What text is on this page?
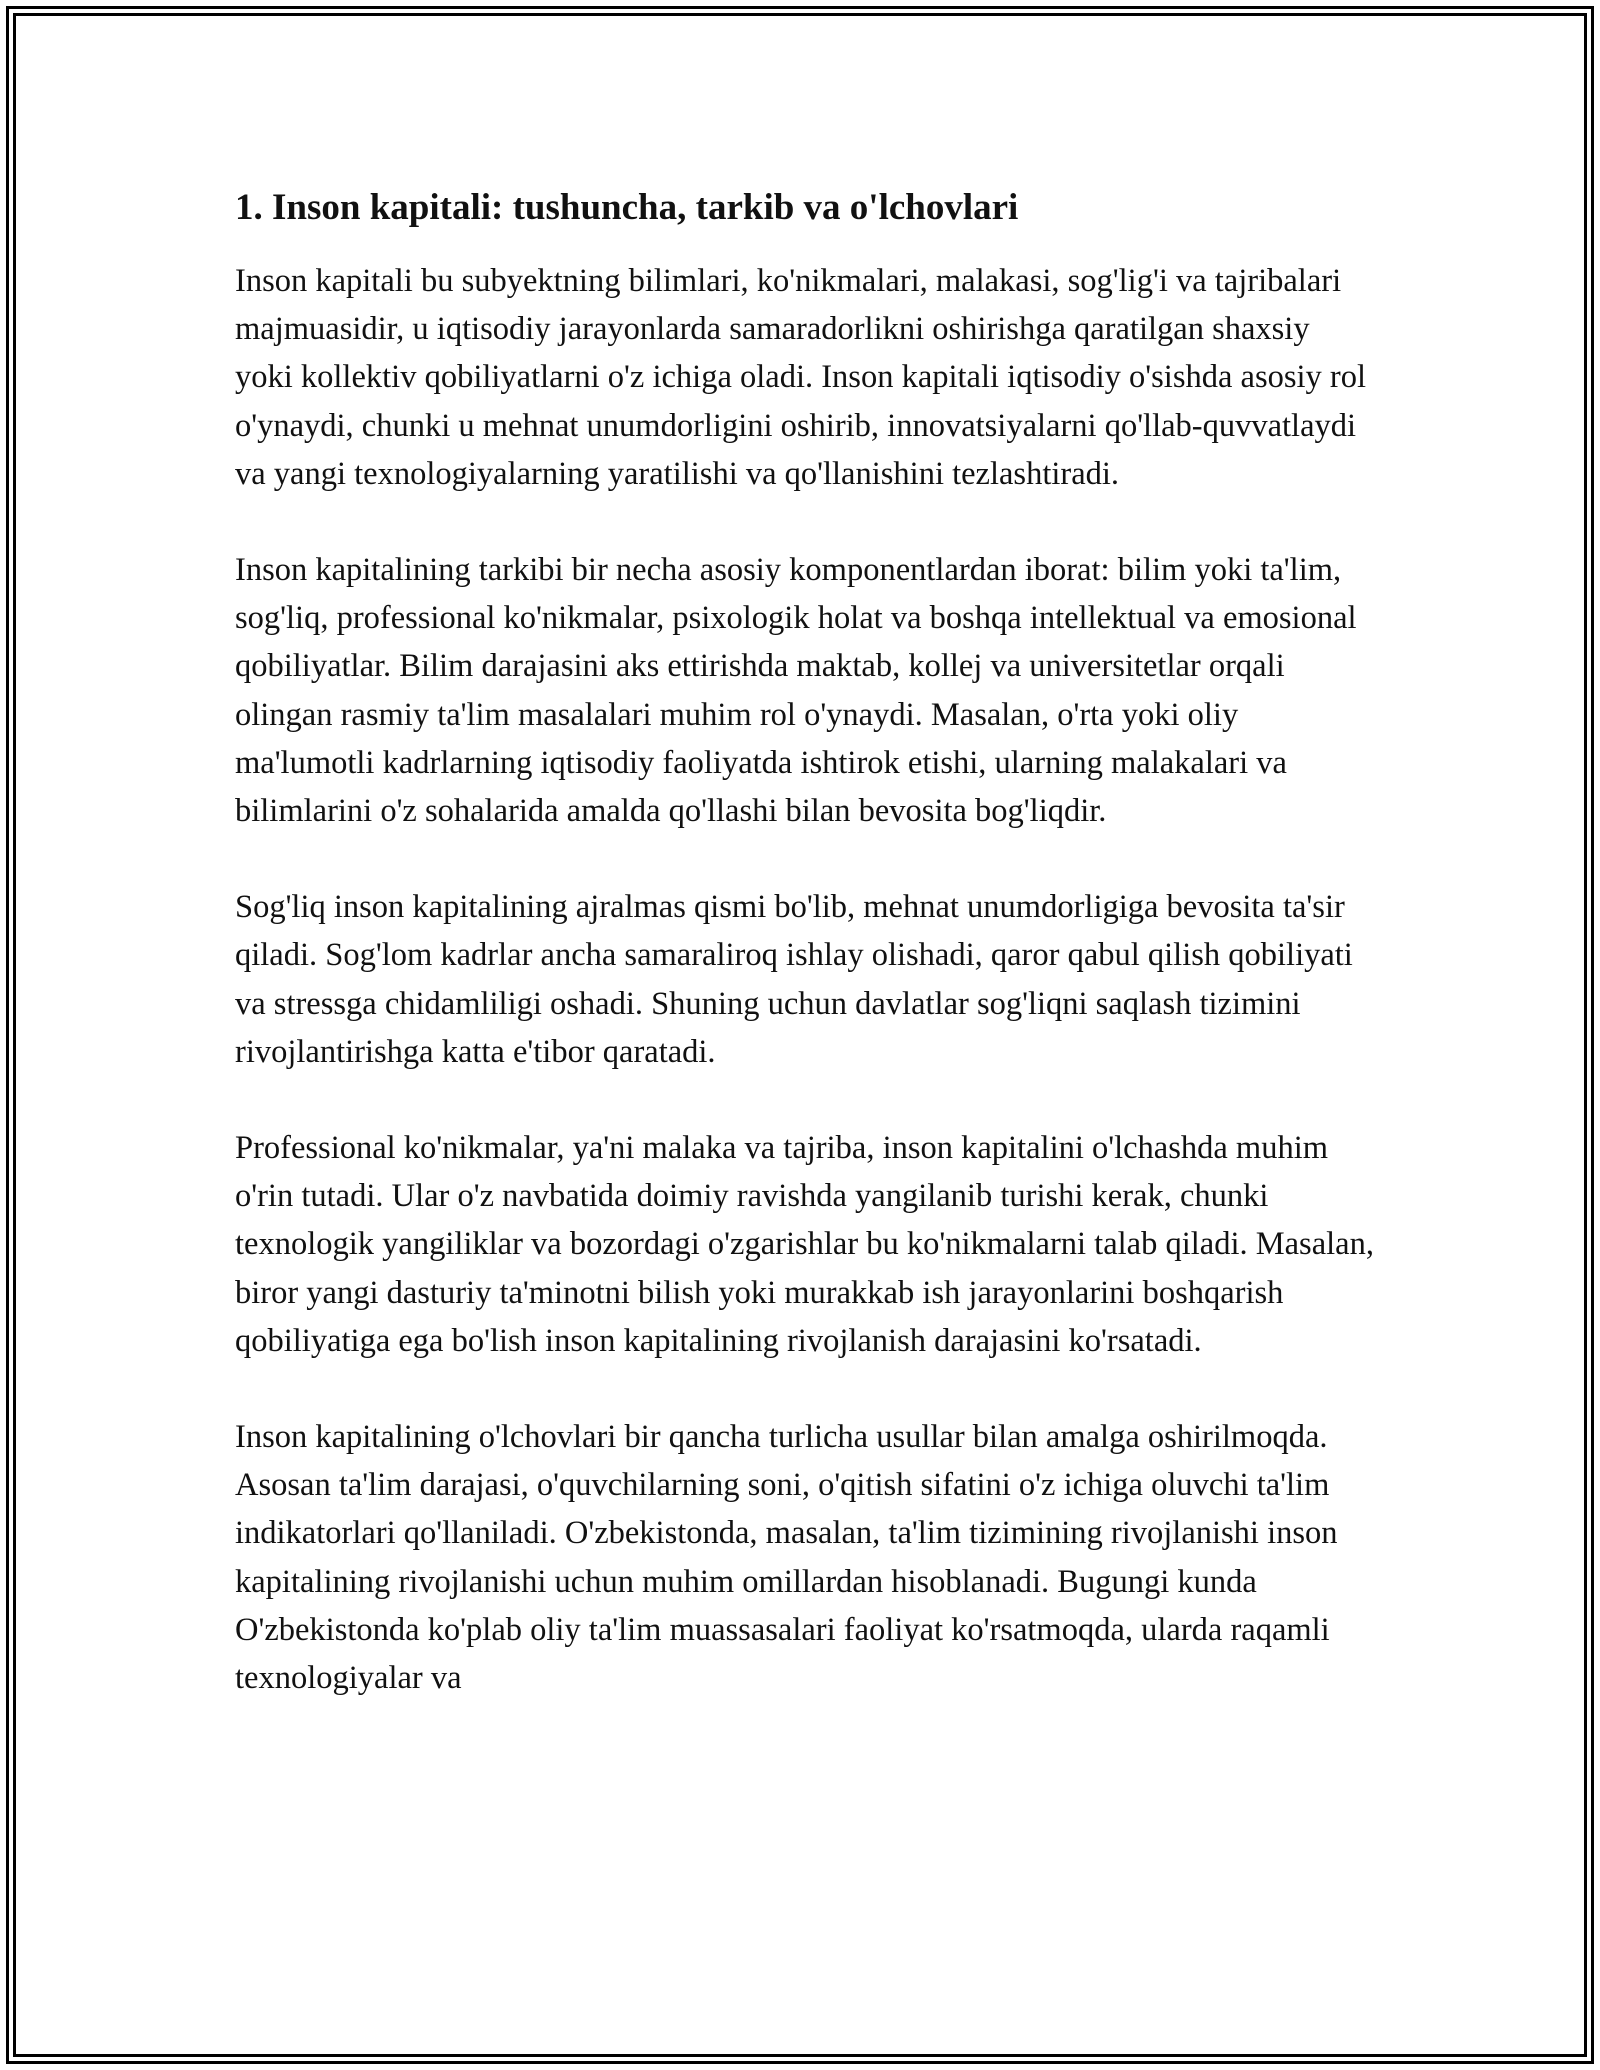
1. Inson kapitali: tushuncha, tarkib va o'lchovlari

Inson kapitali bu subyektning bilimlari, ko'nikmalari, malakasi, sog'lig'i va tajribalari majmuasidir, u iqtisodiy jarayonlarda samaradorlikni oshirishga qaratilgan shaxsiy yoki kollektiv qobiliyatlarni o'z ichiga oladi. Inson kapitali iqtisodiy o'sishda asosiy rol o'ynaydi, chunki u mehnat unumdorligini oshirib, innovatsiyalarni qo'llab-quvvatlaydi va yangi texnologiyalarning yaratilishi va qo'llanishini tezlashtiradi.

Inson kapitalining tarkibi bir necha asosiy komponentlardan iborat: bilim yoki ta'lim, sog'liq, professional ko'nikmalar, psixologik holat va boshqa intellektual va emosional qobiliyatlar. Bilim darajasini aks ettirishda maktab, kollej va universitetlar orqali olingan rasmiy ta'lim masalalari muhim rol o'ynaydi. Masalan, o'rta yoki oliy ma'lumotli kadrlarning iqtisodiy faoliyatda ishtirok etishi, ularning malakalari va bilimlarini o'z sohalarida amalda qo'llashi bilan bevosita bog'liqdir.

Sog'liq inson kapitalining ajralmas qismi bo'lib, mehnat unumdorligiga bevosita ta'sir qiladi. Sog'lom kadrlar ancha samaraliroq ishlay olishadi, qaror qabul qilish qobiliyati va stressga chidamliligi oshadi. Shuning uchun davlatlar sog'liqni saqlash tizimini rivojlantirishga katta e'tibor qaratadi.

Professional ko'nikmalar, ya'ni malaka va tajriba, inson kapitalini o'lchashda muhim o'rin tutadi. Ular o'z navbatida doimiy ravishda yangilanib turishi kerak, chunki texnologik yangiliklar va bozordagi o'zgarishlar bu ko'nikmalarni talab qiladi. Masalan, biror yangi dasturiy ta'minotni bilish yoki murakkab ish jarayonlarini boshqarish qobiliyatiga ega bo'lish inson kapitalining rivojlanish darajasini ko'rsatadi.

Inson kapitalining o'lchovlari bir qancha turlicha usullar bilan amalga oshirilmoqda. Asosan ta'lim darajasi, o'quvchilarning soni, o'qitish sifatini o'z ichiga oluvchi ta'lim indikatorlari qo'llaniladi. O'zbekistonda, masalan, ta'lim tizimining rivojlanishi inson kapitalining rivojlanishi uchun muhim omillardan hisoblanadi. Bugungi kunda O'zbekistonda ko'plab oliy ta'lim muassasalari faoliyat ko'rsatmoqda, ularda raqamli texnologiyalar va
